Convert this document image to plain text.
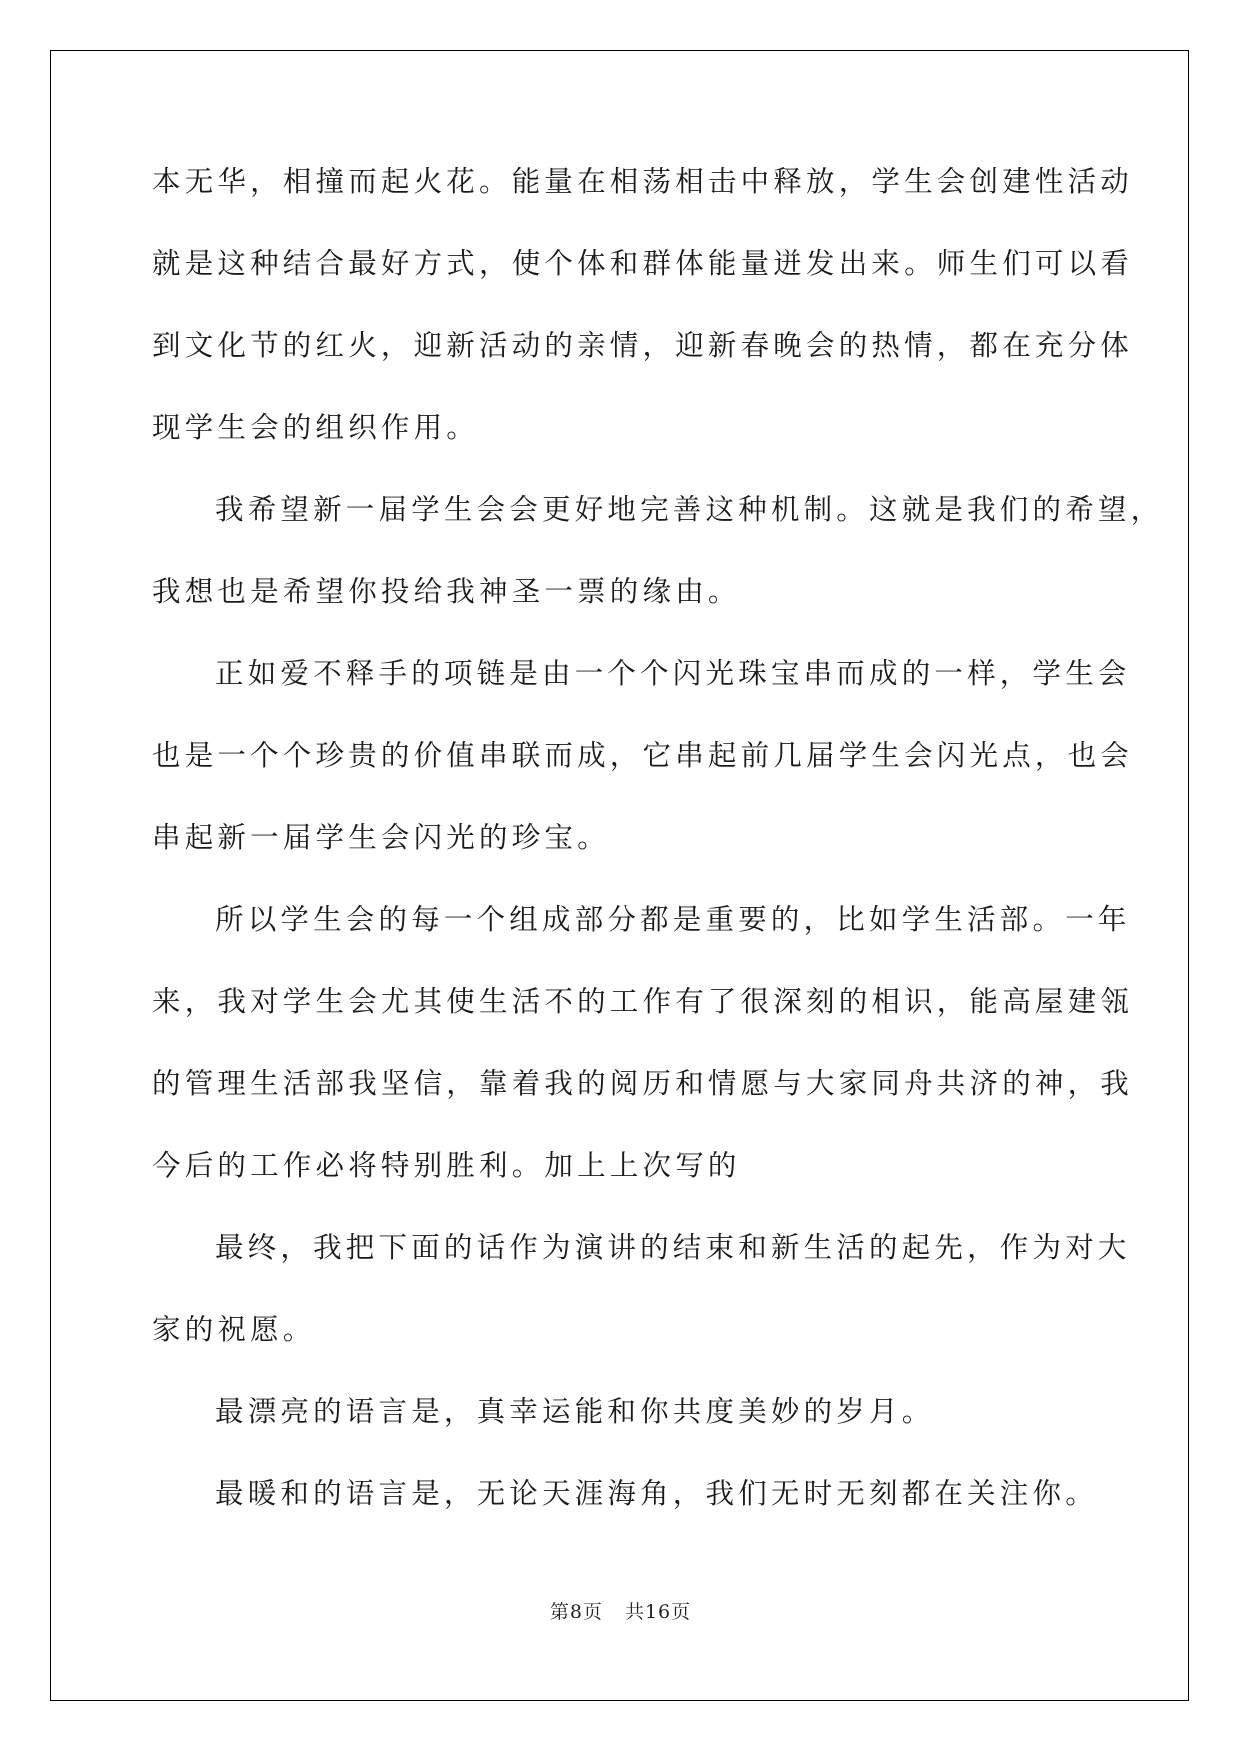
本无华，相撞而起火花。能量在相荡相击中释放，学生会创建性活动
就是这种结合最好方式，使个体和群体能量迸发出来。师生们可以看
到文化节的红火，迎新活动的亲情，迎新春晚会的热情，都在充分体
现学生会的组织作用。
我希望新一届学生会会更好地完善这种机制。这就是我们的希望，
我想也是希望你投给我神圣一票的缘由。
正如爱不释手的项链是由一个个闪光珠宝串而成的一样，学生会
也是一个个珍贵的价值串联而成，它串起前几届学生会闪光点，也会
串起新一届学生会闪光的珍宝。
所以学生会的每一个组成部分都是重要的，比如学生活部。一年
来，我对学生会尤其使生活不的工作有了很深刻的相识，能高屋建瓴
的管理生活部我坚信，靠着我的阅历和情愿与大家同舟共济的神，我
今后的工作必将特别胜利。加上上次写的
最终，我把下面的话作为演讲的结束和新生活的起先，作为对大
家的祝愿。
最漂亮的语言是，真幸运能和你共度美妙的岁月。
最暖和的语言是，无论天涯海角，我们无时无刻都在关注你。
第8页 共16页
